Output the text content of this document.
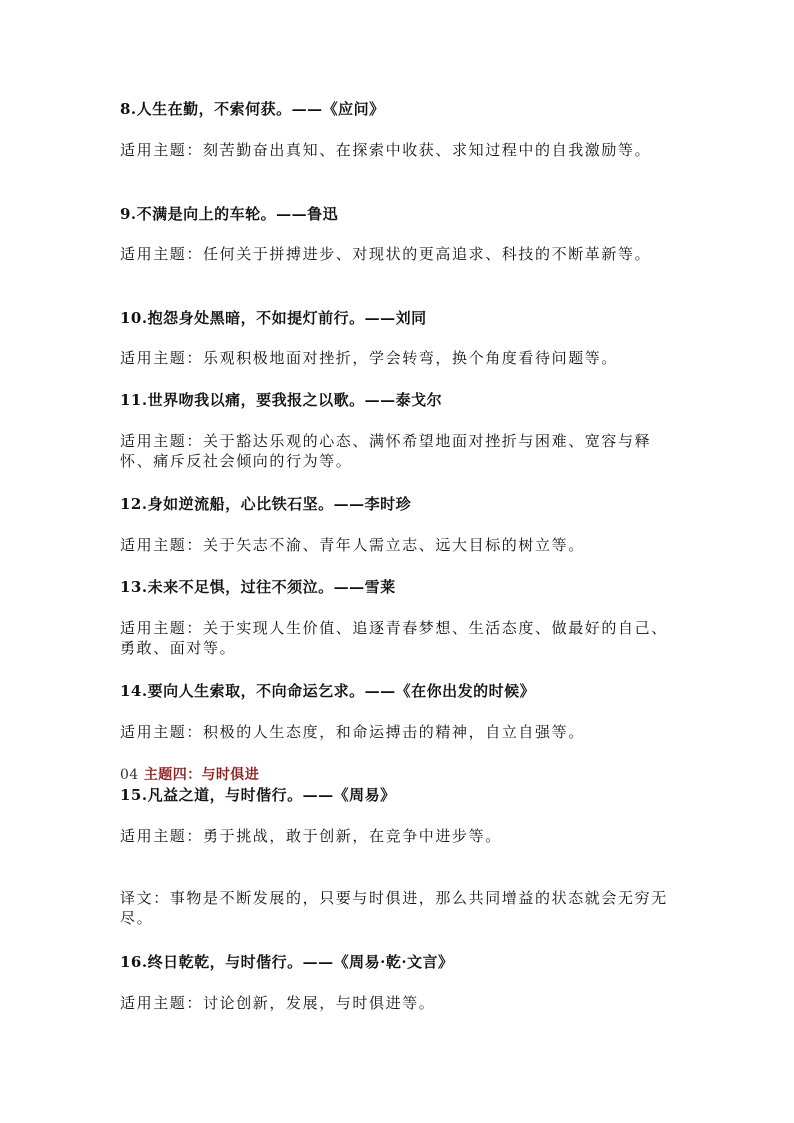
8.人生在勤，不索何获。——《应问》
适用主题：刻苦勤奋出真知、在探索中收获、求知过程中的自我激励等。
9.不满是向上的车轮。——鲁迅
适用主题：任何关于拼搏进步、对现状的更高追求、科技的不断革新等。
10.抱怨身处黑暗，不如提灯前行。——刘同
适用主题：乐观积极地面对挫折，学会转弯，换个角度看待问题等。
11.世界吻我以痛，要我报之以歌。——泰戈尔
适用主题：关于豁达乐观的心态、满怀希望地面对挫折与困难、宽容与释怀、痛斥反社会倾向的行为等。
12.身如逆流船，心比铁石坚。——李时珍
适用主题：关于矢志不渝、青年人需立志、远大目标的树立等。
13.未来不足惧，过往不须泣。——雪莱
适用主题：关于实现人生价值、追逐青春梦想、生活态度、做最好的自己、勇敢、面对等。
14.要向人生索取，不向命运乞求。——《在你出发的时候》
适用主题：积极的人生态度，和命运搏击的精神，自立自强等。
04 主题四：与时俱进
15.凡益之道，与时偕行。——《周易》
适用主题：勇于挑战，敢于创新，在竞争中进步等。
译文：事物是不断发展的，只要与时俱进，那么共同增益的状态就会无穷无尽。
16.终日乾乾，与时偕行。——《周易·乾·文言》
适用主题：讨论创新，发展，与时俱进等。
